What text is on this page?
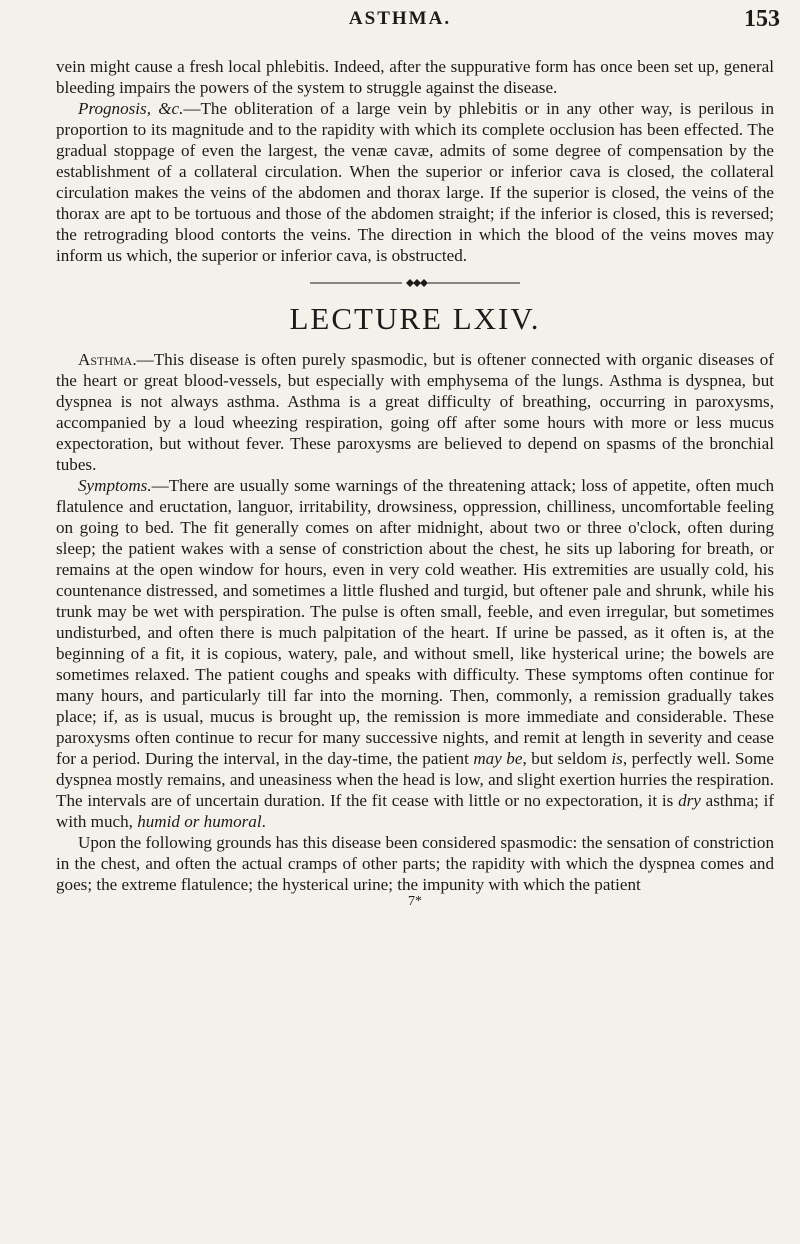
ASTHMA.	153

vein might cause a fresh local phlebitis. Indeed, after the suppurative form has once been set up, general bleeding impairs the powers of the system to struggle against the disease.

Prognosis, &c.—The obliteration of a large vein by phlebitis or in any other way, is perilous in proportion to its magnitude and to the rapidity with which its complete occlusion has been effected. The gradual stoppage of even the largest, the venæ cavæ, admits of some degree of compensation by the establishment of a collateral circulation. When the superior or inferior cava is closed, the collateral circulation makes the veins of the abdomen and thorax large. If the superior is closed, the veins of the thorax are apt to be tortuous and those of the abdomen straight; if the inferior is closed, this is reversed; the retrograding blood contorts the veins. The direction in which the blood of the veins moves may inform us which, the superior or inferior cava, is obstructed.

LECTURE LXIV.

Asthma.—This disease is often purely spasmodic, but is oftener connected with organic diseases of the heart or great blood-vessels, but especially with emphysema of the lungs. Asthma is dyspnea, but dyspnea is not always asthma. Asthma is a great difficulty of breathing, occurring in paroxysms, accompanied by a loud wheezing respiration, going off after some hours with more or less mucus expectoration, but without fever. These paroxysms are believed to depend on spasms of the bronchial tubes.

Symptoms.—There are usually some warnings of the threatening attack; loss of appetite, often much flatulence and eructation, languor, irritability, drowsiness, oppression, chilliness, uncomfortable feeling on going to bed. The fit generally comes on after midnight, about two or three o'clock, often during sleep; the patient wakes with a sense of constriction about the chest, he sits up laboring for breath, or remains at the open window for hours, even in very cold weather. His extremities are usually cold, his countenance distressed, and sometimes a little flushed and turgid, but oftener pale and shrunk, while his trunk may be wet with perspiration. The pulse is often small, feeble, and even irregular, but sometimes undisturbed, and often there is much palpitation of the heart. If urine be passed, as it often is, at the beginning of a fit, it is copious, watery, pale, and without smell, like hysterical urine; the bowels are sometimes relaxed. The patient coughs and speaks with difficulty. These symptoms often continue for many hours, and particularly till far into the morning. Then, commonly, a remission gradually takes place; if, as is usual, mucus is brought up, the remission is more immediate and considerable. These paroxysms often continue to recur for many successive nights, and remit at length in severity and cease for a period. During the interval, in the day-time, the patient may be, but seldom is, perfectly well. Some dyspnea mostly remains, and uneasiness when the head is low, and slight exertion hurries the respiration. The intervals are of uncertain duration. If the fit cease with little or no expectoration, it is dry asthma; if with much, humid or humoral.

Upon the following grounds has this disease been considered spasmodic: the sensation of constriction in the chest, and often the actual cramps of other parts; the rapidity with which the dyspnea comes and goes; the extreme flatulence; the hysterical urine; the impunity with which the patient

7*
